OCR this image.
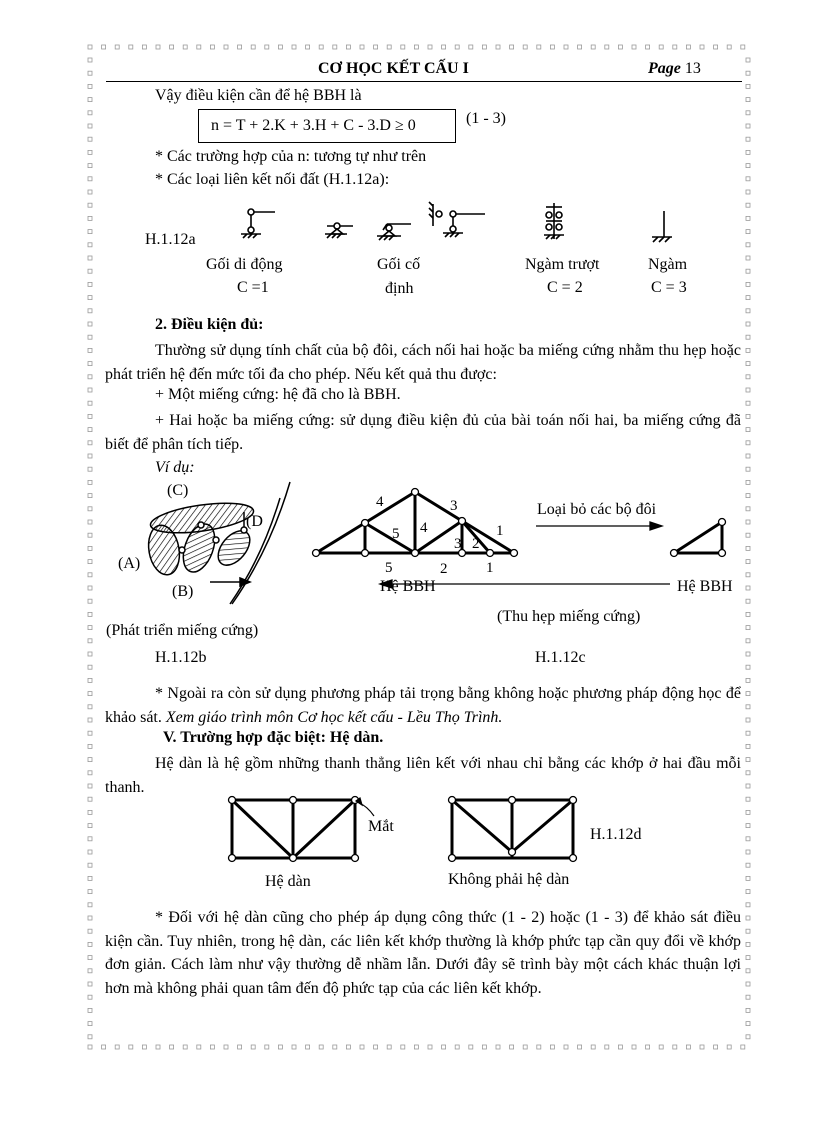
CƠ HỌC KẾT CẤU I	Page 13
Vậy điều kiện cần để hệ BBH là
n = T + 2.K + 3.H + C - 3.D ≥ 0	(1 - 3)
* Các trường hợp của n: tương tự như trên
* Các loại liên kết nối đất (H.1.12a):
H.1.12a
Gối di động
C =1
Gối cố
định
Ngàm trượt
C = 2
Ngàm
C = 3
2. Điều kiện đủ:
Thường sử dụng tính chất của bộ đôi, cách nối hai hoặc ba miếng cứng nhằm thu hẹp hoặc phát triển hệ đến mức tối đa cho phép. Nếu kết quả thu được:
+ Một miếng cứng: hệ đã cho là BBH.
+ Hai hoặc ba miếng cứng: sử dụng điều kiện đủ của bài toán nối hai, ba miếng cứng đã biết để phân tích tiếp.
Ví dụ:
(C)
(D
(A)
(B)
(Phát triển miếng cứng)
H.1.12b
4	3
5 4	1
3 2
5	2	1
Loại bỏ các bộ đôi
Hệ BBH	Hệ BBH
(Thu hẹp miếng cứng)
H.1.12c
* Ngoài ra còn sử dụng phương pháp tải trọng bằng không hoặc phương pháp động học để khảo sát. Xem giáo trình môn Cơ học kết cấu - Lều Thọ Trình.
V. Trường hợp đặc biệt: Hệ dàn.
Hệ dàn là hệ gồm những thanh thẳng liên kết với nhau chỉ bằng các khớp ở hai đầu mỗi thanh.
Mắt	H.1.12d
Hệ dàn	Không phải hệ dàn
* Đối với hệ dàn cũng cho phép áp dụng công thức (1 - 2) hoặc (1 - 3) để khảo sát điều kiện cần. Tuy nhiên, trong hệ dàn, các liên kết khớp thường là khớp phức tạp cần quy đổi về khớp đơn giản. Cách làm như vậy thường dễ nhầm lẫn. Dưới đây sẽ trình bày một cách khác thuận lợi hơn mà không phải quan tâm đến độ phức tạp của các liên kết khớp.
